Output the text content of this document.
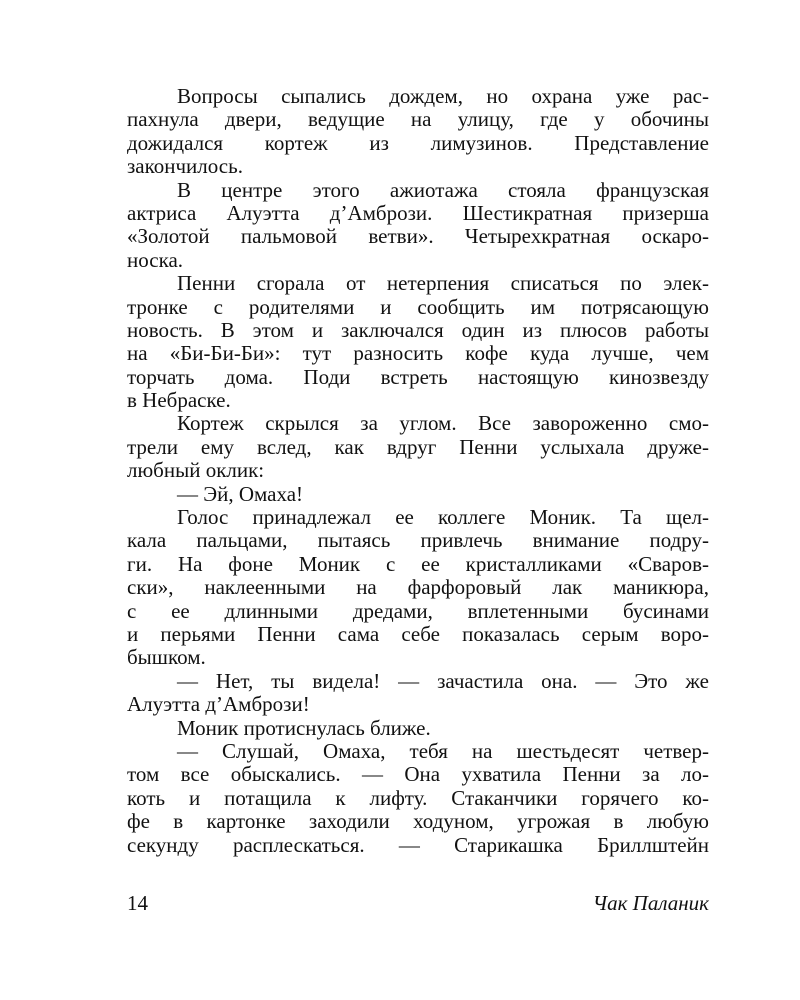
Вопросы сыпались дождем, но охрана уже рас-
пахнула двери, ведущие на улицу, где у обочины
дожидался кортеж из лимузинов. Представление
закончилось.
В центре этого ажиотажа стояла французская
актриса Алуэтта д’Амбрози. Шестикратная призерша
«Золотой пальмовой ветви». Четырехкратная оскаро-
носка.
Пенни сгорала от нетерпения списаться по элек-
тронке с родителями и сообщить им потрясающую
новость. В этом и заключался один из плюсов работы
на «Би-Би-Би»: тут разносить кофе куда лучше, чем
торчать дома. Поди встреть настоящую кинозвезду
в Небраске.
Кортеж скрылся за углом. Все завороженно смо-
трели ему вслед, как вдруг Пенни услыхала друже-
любный оклик:
— Эй, Омаха!
Голос принадлежал ее коллеге Моник. Та щел-
кала пальцами, пытаясь привлечь внимание подру-
ги. На фоне Моник с ее кристалликами «Сваров-
ски», наклеенными на фарфоровый лак маникюра,
с ее длинными дредами, вплетенными бусинами
и перьями Пенни сама себе показалась серым воро-
бышком.
— Нет, ты видела! — зачастила она. — Это же
Алуэтта д’Амбрози!
Моник протиснулась ближе.
— Слушай, Омаха, тебя на шестьдесят четвер-
том все обыскались. — Она ухватила Пенни за ло-
коть и потащила к лифту. Стаканчики горячего ко-
фе в картонке заходили ходуном, угрожая в любую
секунду расплескаться. — Старикашка Бриллштейн
14	Чак Паланик
